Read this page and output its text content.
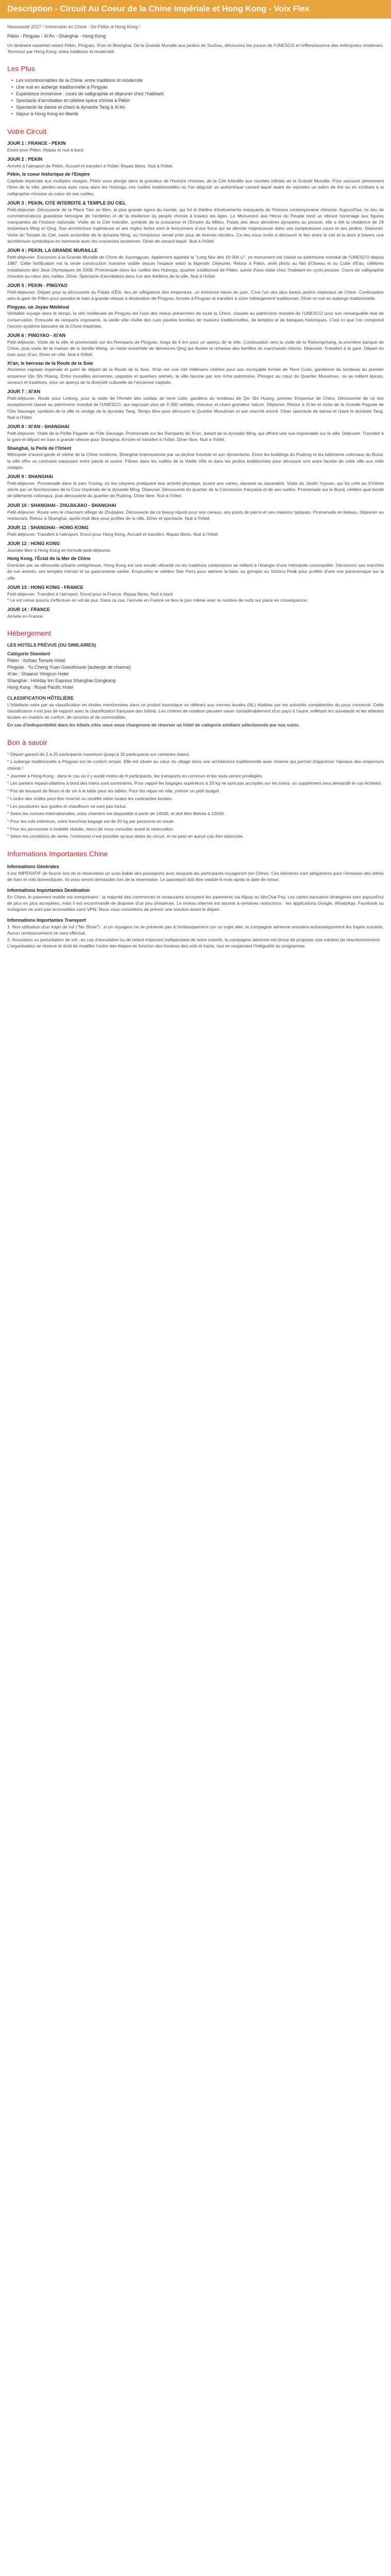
Description - Circuit Au Coeur de la Chine Impériale et Hong Kong - Voix Flex

Nouveauté 2027 ! Immersion en Chine : De Pékin à Hong Kong !

Pékin - Pingyao - Xi'An - Shanghai - Hong Kong

Un itinéraire essentiel reliant Pékin, Pingyao, Xi'an et Shanghai. De la Grande Muraille aux jardins de Suzhou, découvrez les joyaux de l'UNESCO et l'effervescence des métropoles modernes. Terminez par Hong Kong, entre traditions et modernité.

Les Plus
• Les incontournables de la Chine, entre traditions et modernité
• Une nuit en auberge traditionnelle à Pingyao
• Expérience immersive : cours de calligraphie et déjeuner chez l'habitant
• Spectacle d'acrobaties et célèbre opéra chinois à Pékin
• Spectacle de danse et chant la dynastie Tang à Xi'An
• Séjour à Hong Kong en liberté
Votre Circuit
JOUR 1 : FRANCE - PEKIN

Envol pour Pékin. Repas et nuit à bord.

JOUR 2 : PEKIN

Arrivée à l'aéroport de Pékin. Accueil et transfert à l'hôtel. Repas libres. Nuit à l'hôtel.

Pékin, le coeur historique de l'Empire

Capitale impériale aux multiples visages, Pékin vous plonge dans la grandeur de l'histoire chinoise, de la Cité Interdite aux courbes infinies de la Grande Muraille. Pour savourer pleinement l'âme de la ville, perdez-vous avec nous dans les Hutongs, ces ruelles traditionnelles où l'on dégustit un authentique canard laqué avant de rejoindre un salon de thé ou en s'initiant à la calligraphie chinoise au cœur de ses ruelles.

JOUR 3 : PEKIN, CITE INTERDITE & TEMPLE DU CIEL

Petit-déjeuner. Découverte de la Place Tian an Men, la plus grande agora du monde, qui fut le théâtre d'événements marquants de l'histoire contemporaine chinoise. Aujourd'hui, ce lieu de commémorations grandiose témoigne de l'ambition et de la résilience du peuple chinois à travers les âges. Le Monument aux Héros du Peuple rend un vibrant hommage aux figures marquantes de l'histoire nationale. Visite de la Cité Interdite, symbole de la puissance et l'Empire du Milieu. Palais des deux dernières dynasties au pouvoir, elle a été la résidence de 24 empereurs Ming et Qing. Son architecture ingénieuse et ses règles fortes sont le lexicomans d'une force qui se dévoile majestueuse dans ses somptueuses cours et ses jardins. Déjeuner. Visite du Temple du Ciel, vaste ensemble de la dynastie Ming, où l'empereur venait prier pour de bonnes récoltes. Ce lieu nous invite à découvrir le lien entre le ciel et la terre à travers une architecture symbolique en harmonie avec les croyances anciennes. Dîner de canard laqué. Nuit à l'hôtel.

JOUR 4 : PEKIN, LA GRANDE MURAILLE

Petit-déjeuner. Excursion à la Grande Muraille de Chine de Juyongguan, également appelée la "Long Mur des 10 000 Li", ce monument est classé au patrimoine mondial de l'UNESCO depuis 1987. Cette fortification est la seule construction humaine visible depuis l'espace selon la légende. Déjeuner. Retour à Pékin, arrêt photo au Nid d'Oiseau et au Cube d'Eau, célèbres installations des Jeux Olympiques de 2008. Promenade dans les ruelles des Hutongs, quartier traditionnel de Pékin, suivie d'une visite chez l'habitant en cyclo-pousse. Cours de calligraphie chinoise au cœur des ruelles. Dîner. Spectacle d'acrobaties dans l'un des théâtres de la ville. Nuit à l'hôtel.

JOUR 5 : PEKIN - PINGYAO

Petit-déjeuner. Départ pour la découverte du Palais d'Été, lieu de villégiature des empereurs, un immense havre de paix. C'est l'un des plus beaux jardins impériaux de Chine. Continuation vers la gare de Pékin pour prendre le train à grande vitesse à destination de Pingyao. Arrivée à Pingyao et transfert à votre hébergement traditionnel. Dîner et nuit en auberge traditionnelle.

Pingyao, un Joyau Médiéval

Véritable voyage dans le temps, la cité médiévale de Pingyao est l'une des mieux préservées de toute la Chine, classée au patrimoine mondial de l'UNESCO pour son remarquable état de conservation. Entourée de remparts imposants, la vieille ville révèle des rues pavées bordées de maisons traditionnelles, de temples et de banques historiques. C'est ici que l'on comprend l'ancien système bancaire de la Chine impériale.

JOUR 6 : PINGYAO - XI'AN

Petit-déjeuner. Visite de la ville et promenade sur les Remparts de Pingyao, longs de 6 km pour un aperçu de la ville. Continuation vers la visite de la Rishengchang, la première banque de Chine, puis visite de la maison de la famille Wang, un vaste ensemble de demeures Qing qui illustre la richesse des familles de marchands chinois. Déjeuner. Transfert à la gare. Départ en train pour Xi'an. Dîner en ville. Nuit à l'hôtel.

Xi'an, le berceau de la Route de la Soie

Ancienne capitale impériale et point de départ de la Route de la Soie, Xi'an est une cité millénaire célèbre pour son incroyable Armée de Terre Cuite, gardienne du tombeau du premier empereur Qin Shi Huang. Entre murailles anciennes, pagodes et quartiers animés, la ville fascine par son riche patrimoine. Plongez au cœur du Quartier Musulman, où se mêlent épices, saveurs et traditions, pour un aperçu de la diversité culturelle de l'ancienne capitale.

JOUR 7 : XI'AN

Petit-déjeuner. Route pour Lintong, pour la visite de l'Armée des soldats de terre cuite, gardiens du tombeau de Qin Shi Huang, premier Empereur de Chine. Découverte de ce site exceptionnel classé au patrimoine mondial de l'UNESCO, qui regroupe plus de 6 000 soldats, chevaux et chars grandeur nature. Déjeuner. Retour à Xi'an et visite de la Grande Pagode de l'Oie Sauvage, symbole de la ville et vestige de la dynastie Tang. Temps libre pour découvrir le Quartier Musulman et son marché animé. Dîner spectacle de danse et chant la dynastie Tang. Nuit à l'hôtel.

JOUR 8 : XI'AN - SHANGHAI

Petit-déjeuner. Visite de la Petite Pagode de l'Oie Sauvage. Promenade sur les Remparts de Xi'an, datant de la dynastie Ming, qui offrent une vue imprenable sur la ville. Déjeuner. Transfert à la gare et départ en train à grande vitesse pour Shanghai. Arrivée et transfert à l'hôtel. Dîner libre. Nuit à l'hôtel.

Shanghai, la Perle de l'Orient

Métropole d'avant-garde et vitrine de la Chine moderne, Shanghai impressionne par sa skyline futuriste et son dynamisme. Entre les buildings du Pudong et les bâtiments coloniaux du Bund, la ville offre un contraste saisissant entre passé et avenir. Flânez dans les ruelles de la Vieille Ville et dans les jardins traditionnels pour découvrir une autre facette de cette ville aux mille visages.

JOUR 9 : SHANGHAI

Petit-déjeuner. Promenade dans le parc Fuxing, où les citoyens pratiquent leur activité physique, jouent aux cartes, dansent ou bavardent. Visite du Jardin Yuyuan, qui fut créé au XVIème siècle par un fonctionnaire de la Cour impériale de la dynastie Ming. Déjeuner. Découverte du quartier de la Concession française et de ses ruelles. Promenade sur le Bund, célèbre quai bordé de bâtiments coloniaux, puis découverte du quartier de Pudong. Dîner libre. Nuit à l'hôtel.

JOUR 10 : SHANGHAI - ZHUJIAJIAO - SHANGHAI

Petit-déjeuner. Route vers le charmant village de Zhujiajiao. Découverte de ce bourg réputé pour ses canaux, ses ponts de pierre et ses maisons typiques. Promenade en bateau. Déjeuner au restaurant. Retour à Shanghai, après-midi libre pour profiter de la ville. Dîner et spectacle. Nuit à l'hôtel.

JOUR 11 : SHANGHAI - HONG KONG

Petit-déjeuner. Transfert à l'aéroport. Envol pour Hong Kong. Accueil et transfert. Repas libres. Nuit à l'hôtel.

JOUR 12 : HONG KONG

Journée libre à Hong Kong en formule petit-déjeuner.

Hong Kong, l'Éclat de la Mer de Chine

Dominée par sa silhouette urbaine vertigineuse, Hong Kong est une escale vibrante où les traditions cantonaises se mêlent à l'énergie d'une métropole cosmopolite. Découvrez ses marchés de rue animés, ses temples chinois et sa gastronomie variée. Empruntez le célèbre Star Ferry pour admirer la baie, ou grimpez au Victoria Peak pour profiter d'une vue panoramique sur la ville.

JOUR 13 : HONG KONG - FRANCE

Petit-déjeuner. Transfert à l'aéroport. Envol pour la France. Repas libres. Nuit à bord.
* Le vol retour pourra s'effectuer en vol de jour. Dans ce cas, l'arrivée en France se fera le jour même avec le nombre de nuits sur place en conséquence.

JOUR 14 : FRANCE

Arrivée en France.

Hébergement
LES HOTELS PRÉVUS (OU SIMILAIRES)
Catégorie Standard
Pékin : Xizhao Temple Hotel
Pingyao : Yu Cheng Yuan Guesthouse (auberge de charme)
Xi'an : Shaanxi Yongrun Hotel
Shanghai : Holiday Inn Express Shanghai Gongkang
Hong Kong : Royal Pacific Hotel
CLASSIFICATION HÔTELIÈRE

L'hôtellerie varie par sa classification en étoiles mentionnées dans ce produit touristique se référant aux normes locales (NL) établies par les autorités compétentes du pays concerné. Cette classification n'est pas de rapport avec la classification française des hôtels. Les critères de notation peuvent varier considérablement d'un pays à l'autre, reflétant les standards et les attentes locales en matière de confort, de services et de commodités.

En cas d'indisponibilité dans les hôtels cités nous nous chargerons de réserver un hôtel de catégorie similaire sélectionnée par nos soins.

Bon à savoir

* Départ garanti de 2 à 25 participants maximum (jusqu'à 30 participants sur certaines dates).

* L'auberge traditionnelle à Pingyao est de confort simple. Elle est située au cœur du village dans une architecture traditionnelle avec charme qui permet d'apprécier l'époque des empereurs chinois !

* Journée à Hong-Kong : dans le cas où il y aurait moins de 6 participants, les transports en commun et les taxis seront privilégiés.

* Les paniers repas/collations à bord des trains sont sommaires. Pour rappel les bagages supérieurs à 20 kg ne sont pas acceptés sur les trains, un supplément sera demandé le cas échéant.

* Pas de bouquet de fleurs ni de vin à la table pour les tables. Pour les repas en ville, prévoir un petit budget.

* L'ordre des visites peut être inversé ou modifié selon toutes les contraintes locales.

* Les pourboires aux guides et chauffeurs ne sont pas inclus.

* Selon les normes internationales, votre chambre est disponible à partir de 14h00, et doit être libérée à 12h00.

* Pour les vols intérieurs, votre franchise bagage est de 20 kg par personne en soute.

* Pour les personnes à mobilité réduite, merci de nous consulter avant la réservation.

* Selon les conditions de vente, l'extension n'est possible qu'aux dates du circuit, et ne peut en aucun cas être dissociée.

Informations Importantes Chine
Informations Générales

Il est IMPÉRATIF de fournir lors de la réservation un scan lisible des passeports avec lesquels les participants voyageront (en Chine). Ces éléments sont obligatoires pour l'émission des billets de train et vols domestiques. Ils vous seront demandés lors de la réservation. Le passeport doit être valable 6 mois après la date de retour.

Informations Importantes Destination

En Chine, le paiement mobile est omniprésent : la majorité des commerces et restaurants acceptent les paiements via Alipay ou WeChat Pay. Les cartes bancaires étrangères sont aujourd'hui de plus en plus acceptées, mais il est recommandé de disposer d'un peu d'espèces. Le réseau internet est soumis à certaines restrictions : les applications Google, WhatsApp, Facebook ou Instagram ne sont pas accessibles sans VPN. Nous vous conseillons de prévoir une solution avant le départ.

Informations Importantes Transport

1. Non-utilisation d'un trajet de vol ("No Show") : si un voyageur ne se présente pas à l'embarquement sur un trajet aller, la compagnie aérienne annulera automatiquement les trajets suivants. Aucun remboursement ne sera effectué.
2. Annulation ou perturbation de vol : en cas d'annulation ou de retard important indépendant de notre volonté, la compagnie aérienne est tenue de proposer une solution de réacheminement.
L'organisateur se réserve le droit de modifier l'ordre des étapes en fonction des horaires des vols et trains, tout en respectant l'intégralité du programme.
